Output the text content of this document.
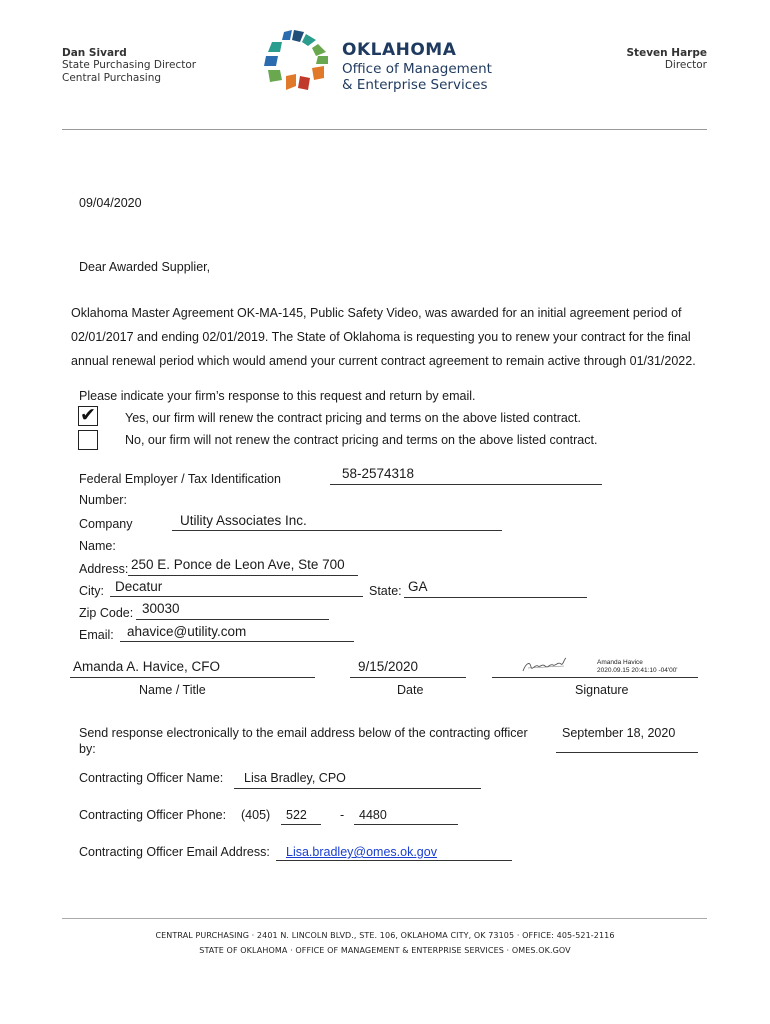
Dan Sivard
State Purchasing Director
Central Purchasing
OKLAHOMA
Office of Management
& Enterprise Services
Steven Harpe
Director
09/04/2020
Dear Awarded Supplier,
Oklahoma Master Agreement OK-MA-145, Public Safety Video, was awarded for an initial agreement period of
02/01/2017 and ending 02/01/2019. The State of Oklahoma is requesting you to renew your contract for the final
annual renewal period which would amend your current contract agreement to remain active through 01/31/2022.
Please indicate your firm’s response to this request and return by email.
✔ Yes, our firm will renew the contract pricing and terms on the above listed contract.
No, our firm will not renew the contract pricing and terms on the above listed contract.
Federal Employer / Tax Identification
Number:
58-2574318
Company
Name:
Utility Associates Inc.
Address: 250 E. Ponce de Leon Ave, Ste 700
City: Decatur	State: GA
Zip Code: 30030
Email: ahavice@utility.com
Amanda A. Havice, CFO
Name / Title
9/15/2020
Date
Amanda Havice
2020.09.15 20:41:10 -04'00'
Signature
Send response electronically to the email address below of the contracting officer
by:
September 18, 2020
Contracting Officer Name: Lisa Bradley, CPO
Contracting Officer Phone: (405) 522	- 4480
Contracting Officer Email Address: Lisa.bradley@omes.ok.gov
CENTRAL PURCHASING · 2401 N. LINCOLN BLVD., STE. 106, OKLAHOMA CITY, OK 73105 · OFFICE: 405-521-2116
STATE OF OKLAHOMA · OFFICE OF MANAGEMENT & ENTERPRISE SERVICES · OMES.OK.GOV
